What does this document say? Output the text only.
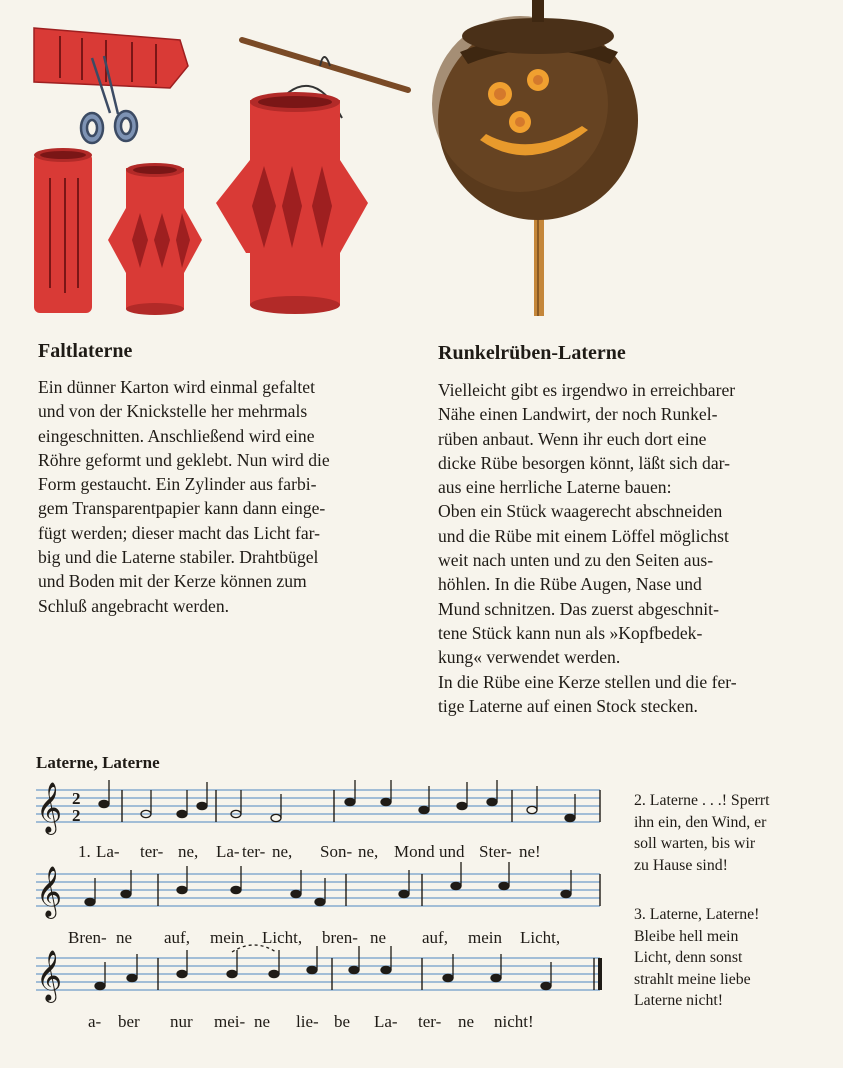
Faltlaterne

Ein dünner Karton wird einmal gefaltet
und von der Knickstelle her mehrmals
eingeschnitten. Anschließend wird eine
Röhre geformt und geklebt. Nun wird die
Form gestaucht. Ein Zylinder aus farbi-
gem Transparentpapier kann dann einge-
fügt werden; dieser macht das Licht far-
big und die Laterne stabiler. Drahtbügel
und Boden mit der Kerze können zum
Schluß angebracht werden.

Runkelrüben-Laterne

Vielleicht gibt es irgendwo in erreichbarer
Nähe einen Landwirt, der noch Runkel-
rüben anbaut. Wenn ihr euch dort eine
dicke Rübe besorgen könnt, läßt sich dar-
aus eine herrliche Laterne bauen:
Oben ein Stück waagerecht abschneiden
und die Rübe mit einem Löffel möglichst
weit nach unten und zu den Seiten aus-
höhlen. In die Rübe Augen, Nase und
Mund schnitzen. Das zuerst abgeschnit-
tene Stück kann nun als »Kopfbedek-
kung« verwendet werden.
In die Rübe eine Kerze stellen und die fer-
tige Laterne auf einen Stock stecken.

Laterne, Laterne
𝄞
𝄞
𝄞
2
2
1. La-	ter- ne,	La- ter- ne,	Son- ne, Mond und Ster- ne!
Bren- ne	auf,	mein	Licht,	bren- ne	auf,	mein	Licht,
a- ber	nur	mei- ne	lie- be	La-	ter- ne	nicht!

2. Laterne . . .! Sperrt
ihn ein, den Wind, er
soll warten, bis wir
zu Hause sind!

3. Laterne, Laterne!
Bleibe hell mein
Licht, denn sonst
strahlt meine liebe
Laterne nicht!
